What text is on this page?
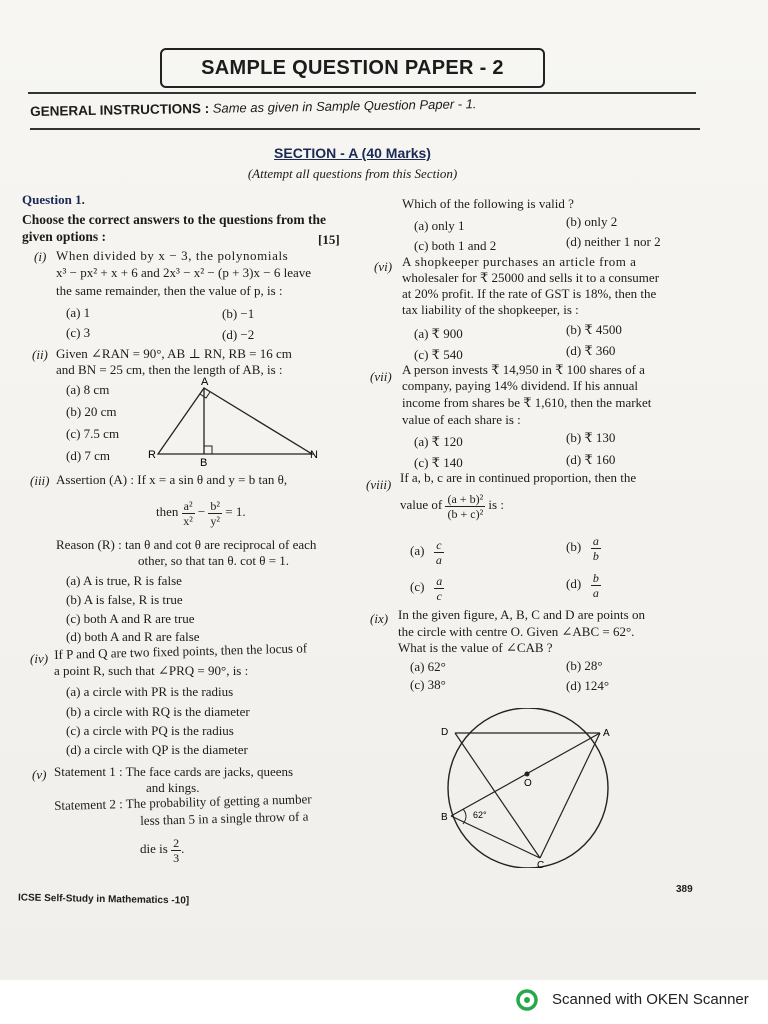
SAMPLE QUESTION PAPER - 2
GENERAL INSTRUCTIONS : Same as given in Sample Question Paper - 1.
SECTION - A (40 Marks)
(Attempt all questions from this Section)
Question 1.
Choose the correct answers to the questions from the
given options :	[15]
(i) When divided by x − 3, the polynomials
x³ − px² + x + 6 and 2x³ − x² − (p + 3)x − 6 leave
the same remainder, then the value of p, is :
(a) 1	(b) −1
(c) 3	(d) −2
(ii) Given ∠RAN = 90°, AB ⊥ RN, RB = 16 cm
and BN = 25 cm, then the length of AB, is :
(a) 8 cm
(b) 20 cm
(c) 7.5 cm
(d) 7 cm
A
R
B
N
(iii) Assertion (A) : If x = a sin θ and y = b tan θ,
then $\frac{\text{a²}}{\text{x²}} - \frac{\text{b²}}{\text{y²}} = 1$.
Reason (R) : tan θ and cot θ are reciprocal of each
other, so that tan θ. cot θ = 1.
(a) A is true, R is false
(b) A is false, R is true
(c) both A and R are true
(d) both A and R are false
(iv) If P and Q are two fixed points, then the locus of
a point R, such that ∠PRQ = 90°, is :
(a) a circle with PR is the radius
(b) a circle with RQ is the diameter
(c) a circle with PQ is the radius
(d) a circle with QP is the diameter
(v) Statement 1 : The face cards are jacks, queens
and kings.
Statement 2 : The probability of getting a number
less than 5 in a single throw of a
die is $\frac{2}{3}$ .
Which of the following is valid ?
(a) only 1	(b) only 2
(c) both 1 and 2	(d) neither 1 nor 2
(vi) A shopkeeper purchases an article from a
wholesaler for ₹ 25000 and sells it to a consumer
at 20% profit. If the rate of GST is 18%, then the
tax liability of the shopkeeper, is :
(a) ₹ 900	(b) ₹ 4500
(c) ₹ 540	(d) ₹ 360
(vii) A person invests ₹ 14,950 in ₹ 100 shares of a
company, paying 14% dividend. If his annual
income from shares be ₹ 1,610, then the market
value of each share is :
(a) ₹ 120	(b) ₹ 130
(c) ₹ 140	(d) ₹ 160
(viii) If a, b, c are in continued proportion, then the
value of $\frac{\text{(a + b)²}}{\text{(b + c)²}}$ is :
$(a) \frac{c}{a}$	$(b) \frac{a}{b}$
$(c) \frac{a}{c}$	$(d) \frac{b}{a}$
(ix) In the given figure, A, B, C and D are points on
the circle with centre O. Given ∠ABC = 62°.
What is the value of ∠CAB ?
(a) 62°	(b) 28°
(c) 38°	(d) 124°
D	A
O
B
C
62°
ICSE Self-Study in Mathematics -10]
389
Scanned with OKEN Scanner
